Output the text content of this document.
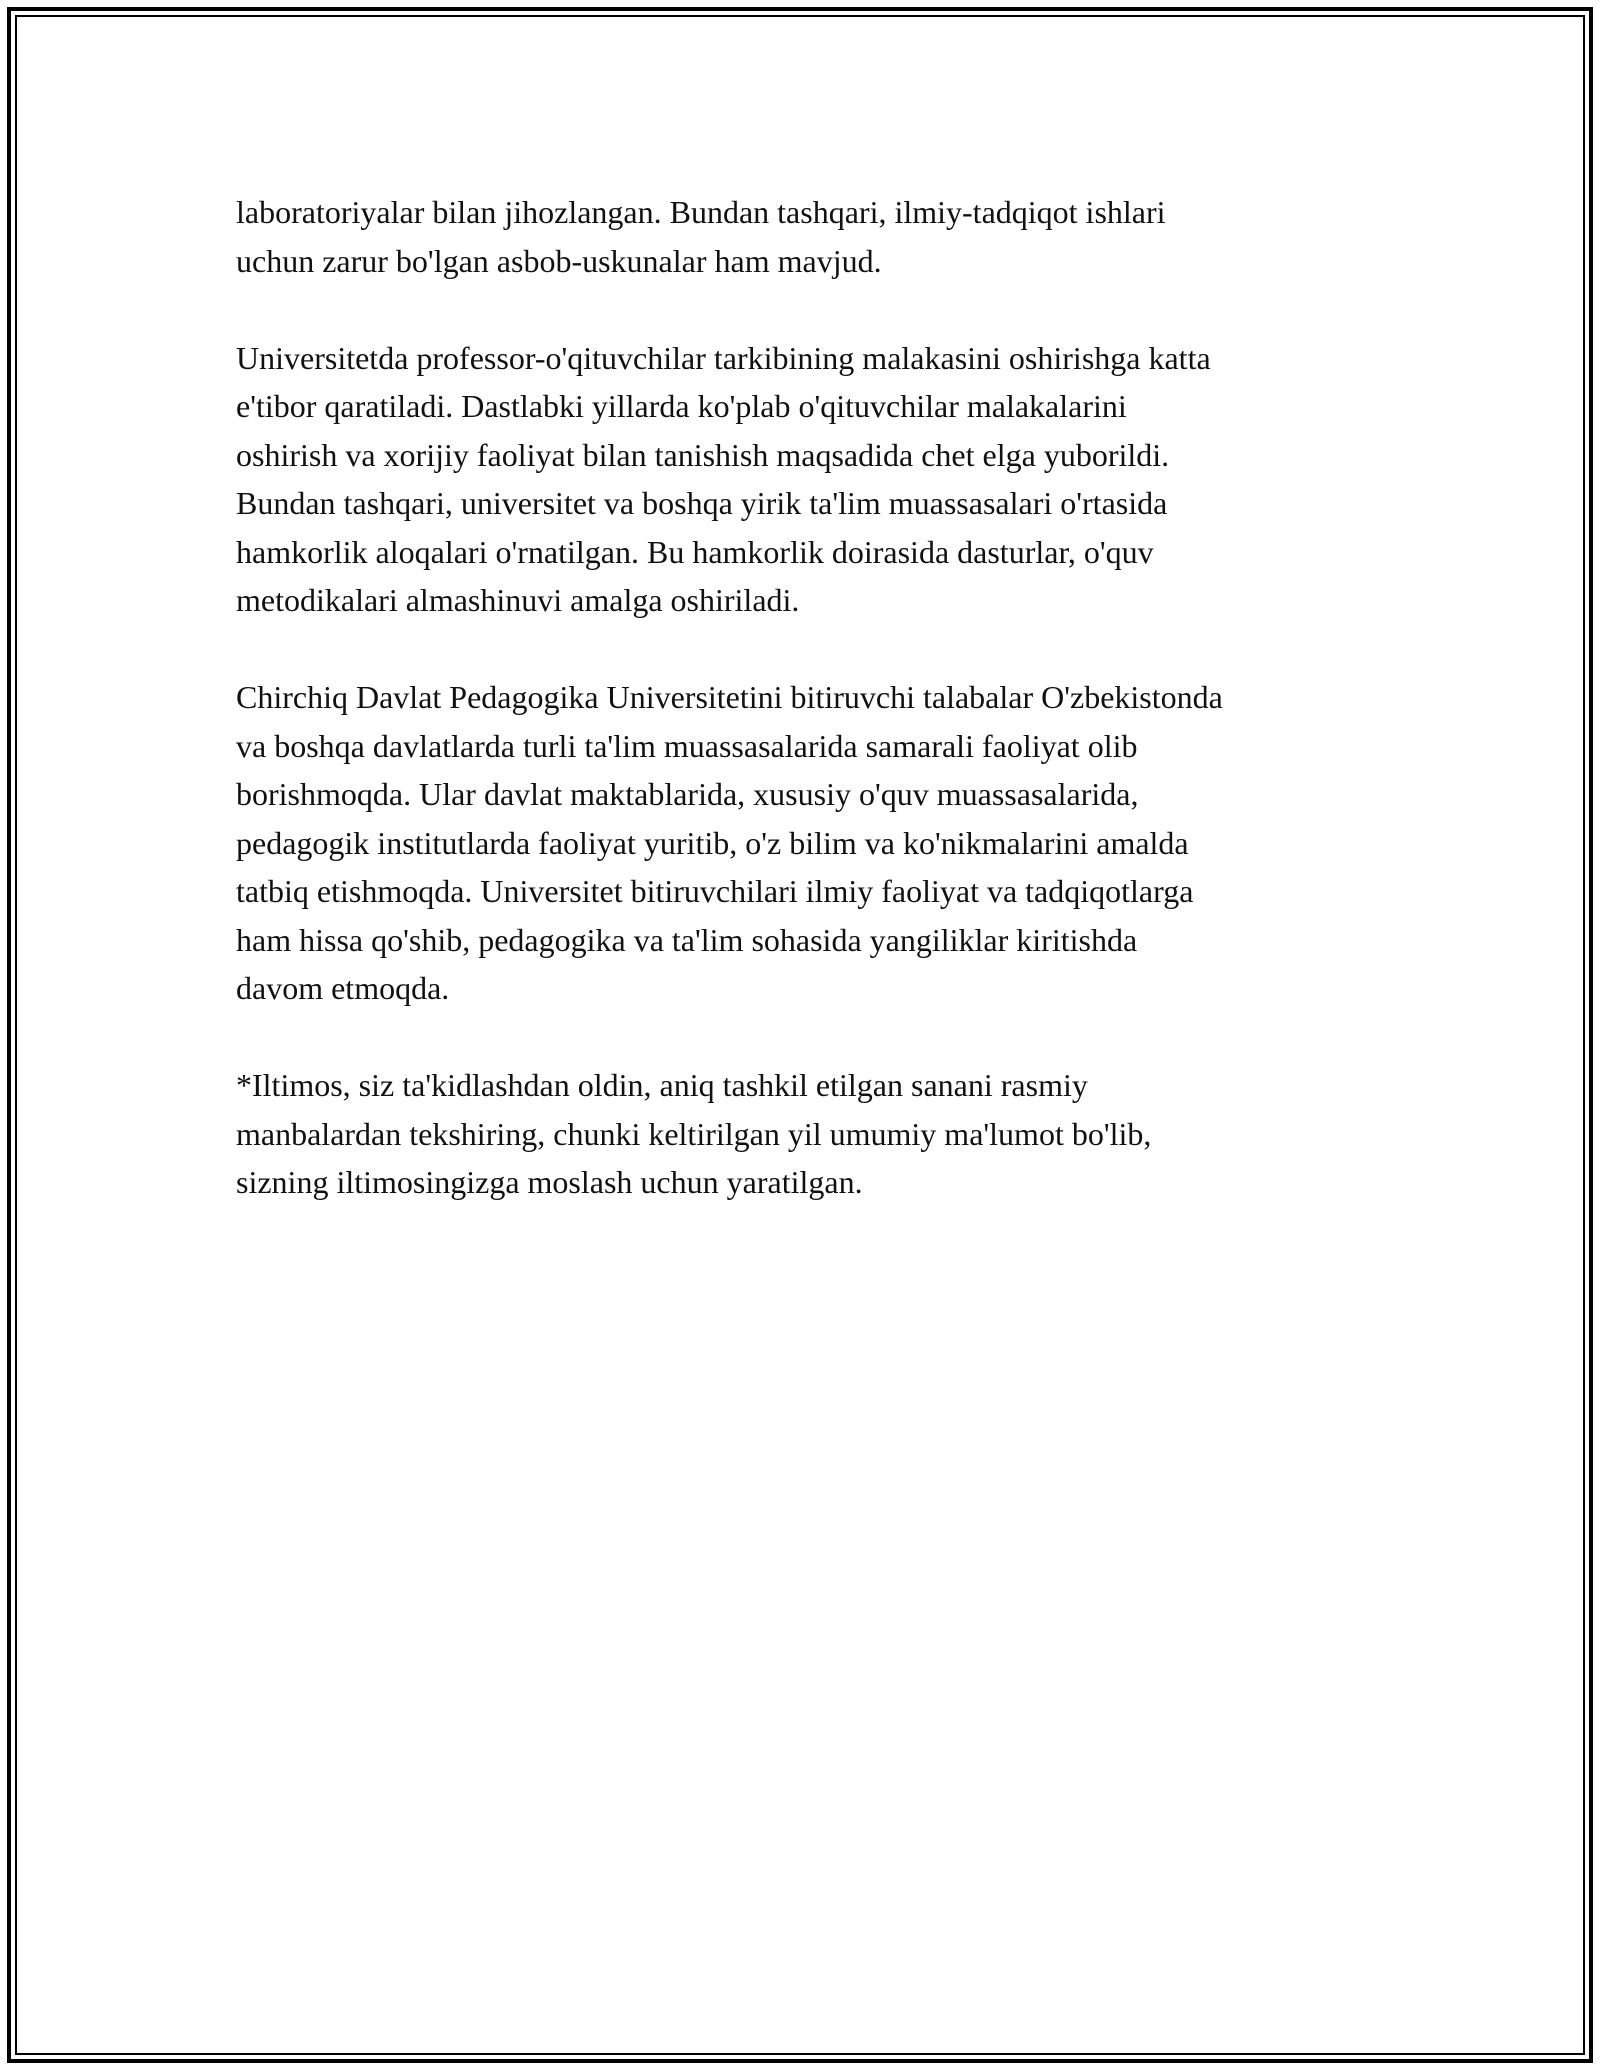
laboratoriyalar bilan jihozlangan. Bundan tashqari, ilmiy-tadqiqot ishlari
uchun zarur bo'lgan asbob-uskunalar ham mavjud.

Universitetda professor-o'qituvchilar tarkibining malakasini oshirishga katta
e'tibor qaratiladi. Dastlabki yillarda ko'plab o'qituvchilar malakalarini
oshirish va xorijiy faoliyat bilan tanishish maqsadida chet elga yuborildi.
Bundan tashqari, universitet va boshqa yirik ta'lim muassasalari o'rtasida
hamkorlik aloqalari o'rnatilgan. Bu hamkorlik doirasida dasturlar, o'quv
metodikalari almashinuvi amalga oshiriladi.

Chirchiq Davlat Pedagogika Universitetini bitiruvchi talabalar O'zbekistonda
va boshqa davlatlarda turli ta'lim muassasalarida samarali faoliyat olib
borishmoqda. Ular davlat maktablarida, xususiy o'quv muassasalarida,
pedagogik institutlarda faoliyat yuritib, o'z bilim va ko'nikmalarini amalda
tatbiq etishmoqda. Universitet bitiruvchilari ilmiy faoliyat va tadqiqotlarga
ham hissa qo'shib, pedagogika va ta'lim sohasida yangiliklar kiritishda
davom etmoqda.

*Iltimos, siz ta'kidlashdan oldin, aniq tashkil etilgan sanani rasmiy
manbalardan tekshiring, chunki keltirilgan yil umumiy ma'lumot bo'lib,
sizning iltimosingizga moslash uchun yaratilgan.
